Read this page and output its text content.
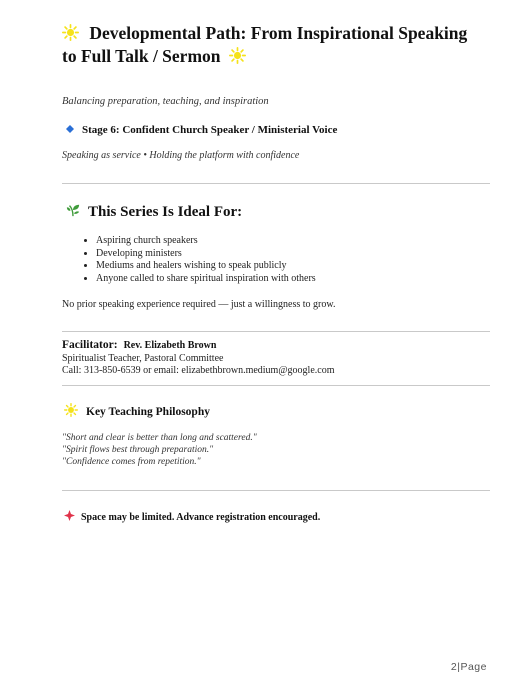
Developmental Path: From Inspirational Speaking to Full Talk / Sermon
Balancing preparation, teaching, and inspiration
Stage 6: Confident Church Speaker / Ministerial Voice
Speaking as service • Holding the platform with confidence
This Series Is Ideal For:
• Aspiring church speakers
• Developing ministers
• Mediums and healers wishing to speak publicly
• Anyone called to share spiritual inspiration with others
No prior speaking experience required — just a willingness to grow.
Facilitator: Rev. Elizabeth Brown
Spiritualist Teacher, Pastoral Committee
Call: 313-850-6539 or email: elizabethbrown.medium@google.com
Key Teaching Philosophy
"Short and clear is better than long and scattered."
"Spirit flows best through preparation."
"Confidence comes from repetition."
Space may be limited. Advance registration encouraged.
2|Page
